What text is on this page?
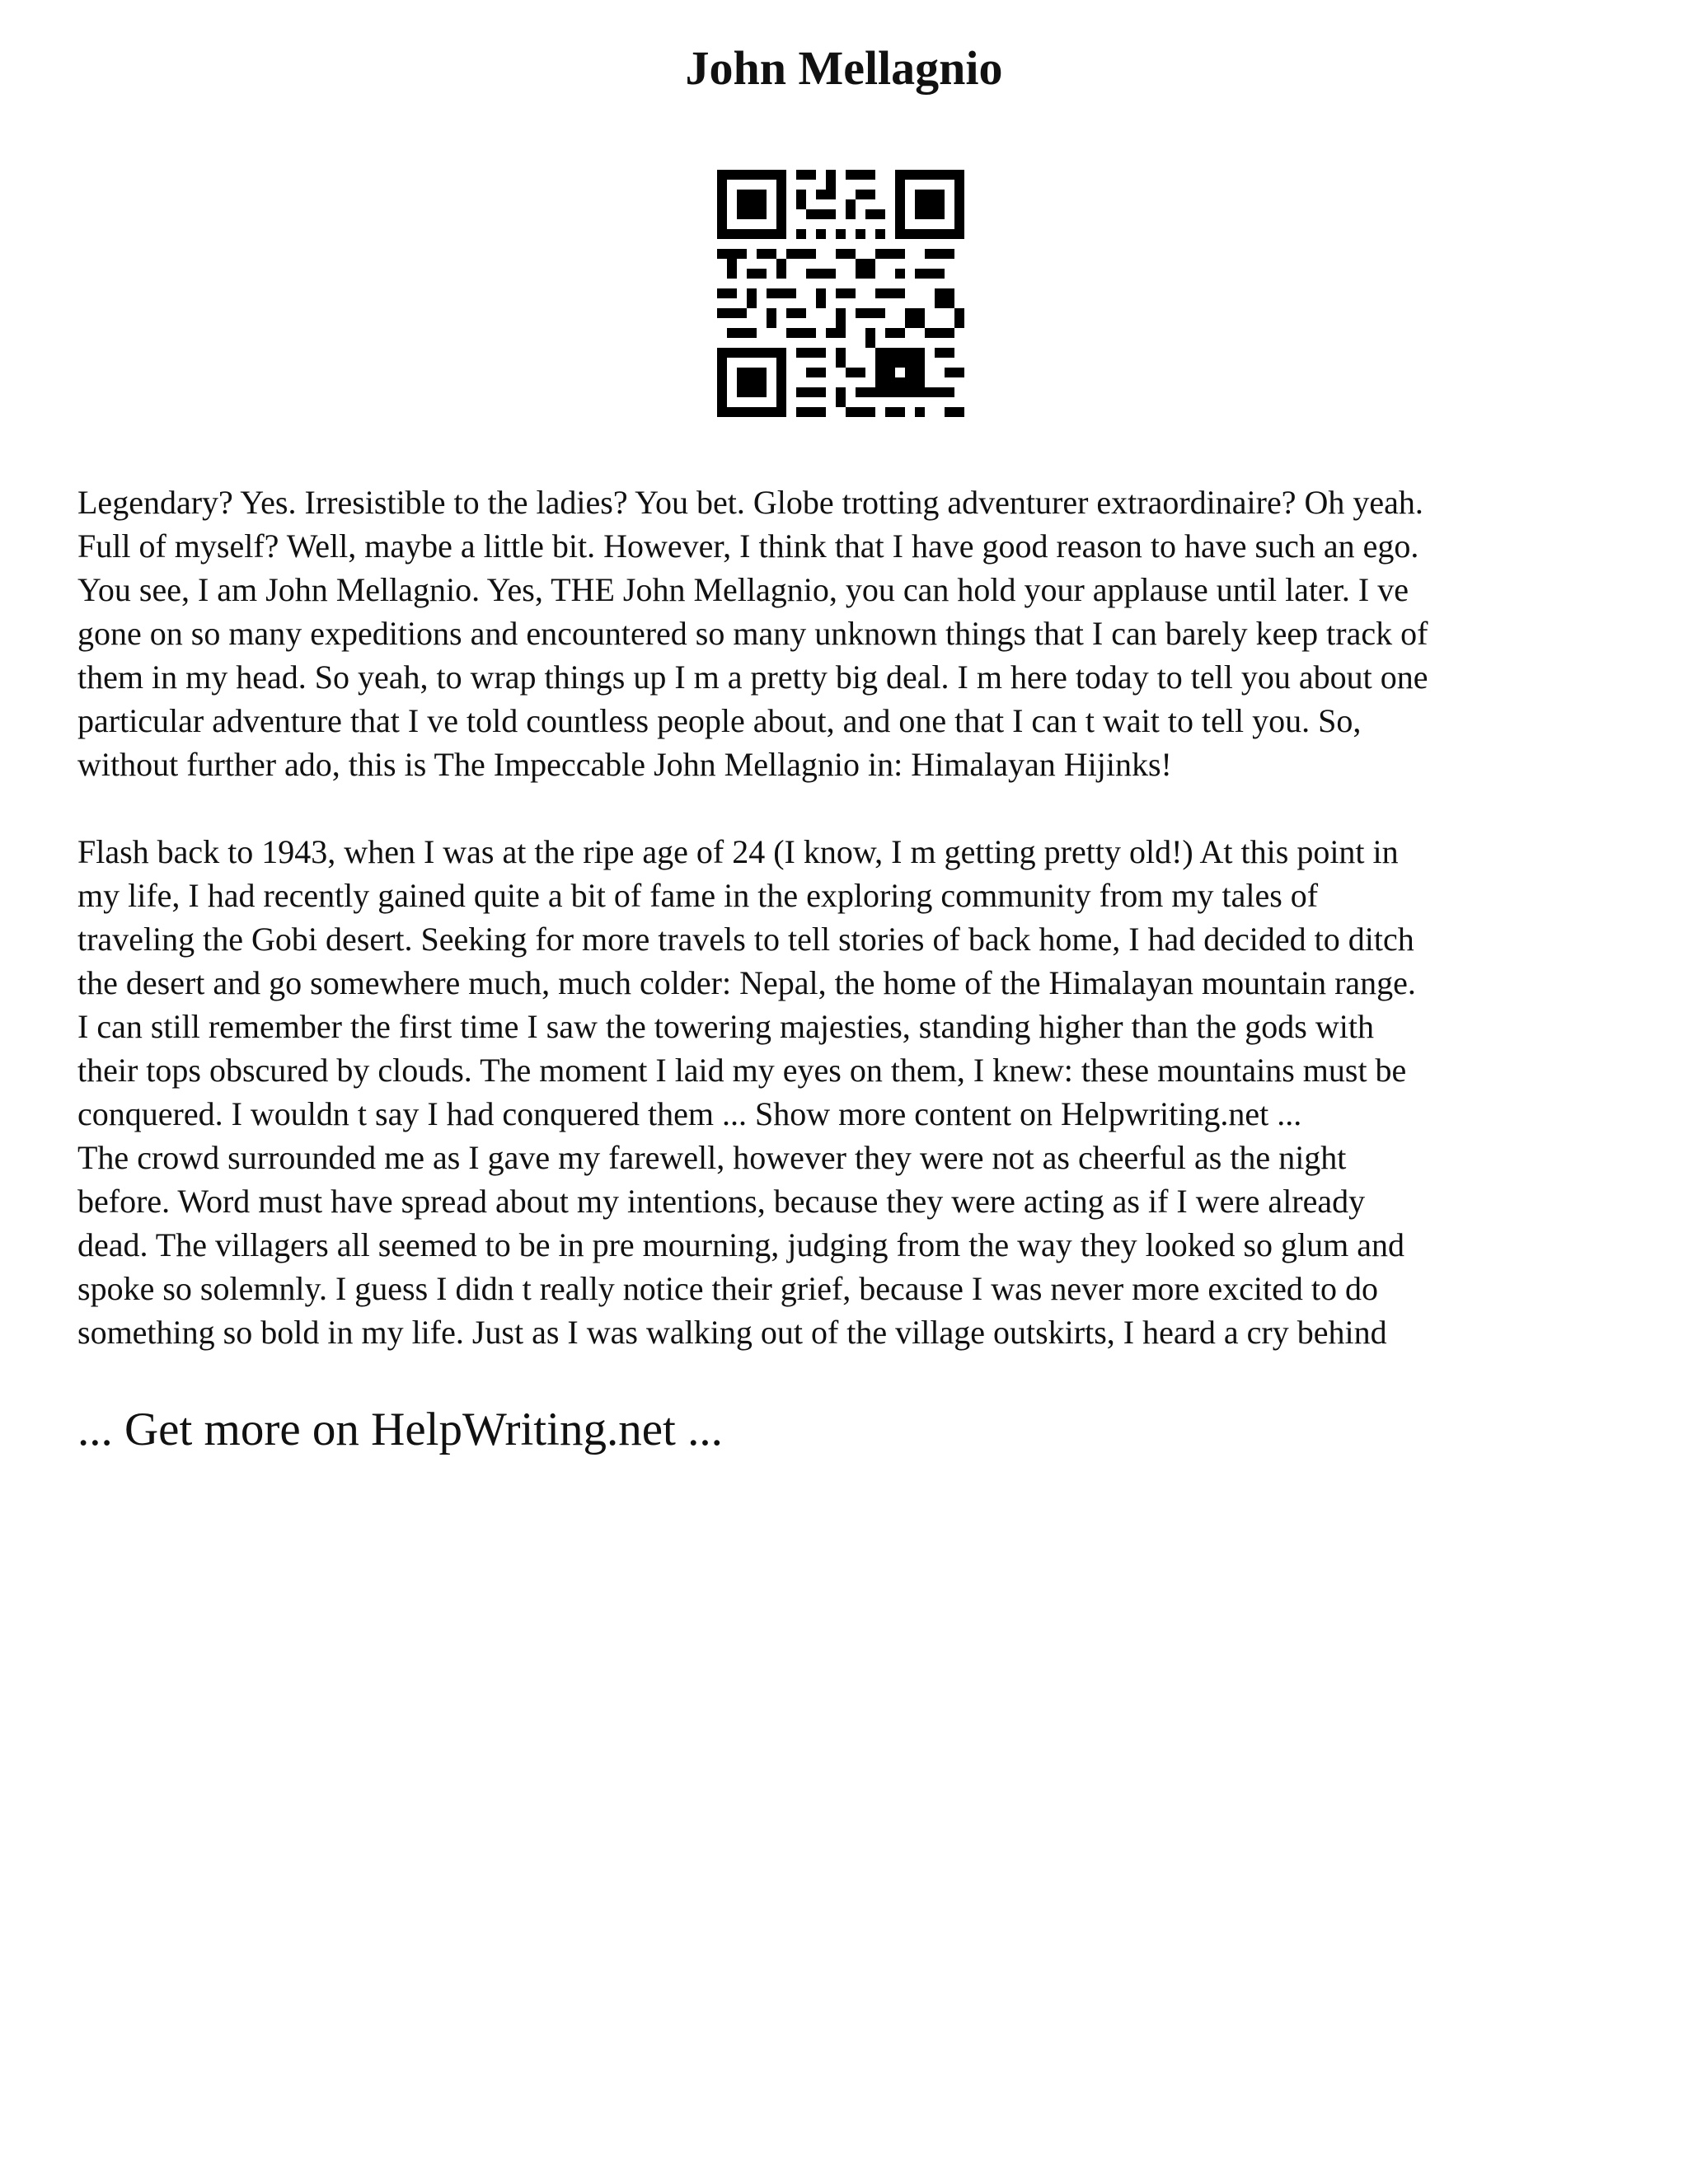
John Mellagnio

Legendary? Yes. Irresistible to the ladies? You bet. Globe trotting adventurer extraordinaire? Oh yeah.

Full of myself? Well, maybe a little bit. However, I think that I have good reason to have such an ego.

You see, I am John Mellagnio. Yes, THE John Mellagnio, you can hold your applause until later. I ve

gone on so many expeditions and encountered so many unknown things that I can barely keep track of

them in my head. So yeah, to wrap things up I m a pretty big deal. I m here today to tell you about one

particular adventure that I ve told countless people about, and one that I can t wait to tell you. So,

without further ado, this is The Impeccable John Mellagnio in: Himalayan Hijinks!

Flash back to 1943, when I was at the ripe age of 24 (I know, I m getting pretty old!) At this point in

my life, I had recently gained quite a bit of fame in the exploring community from my tales of

traveling the Gobi desert. Seeking for more travels to tell stories of back home, I had decided to ditch

the desert and go somewhere much, much colder: Nepal, the home of the Himalayan mountain range.

I can still remember the first time I saw the towering majesties, standing higher than the gods with

their tops obscured by clouds. The moment I laid my eyes on them, I knew: these mountains must be

conquered. I wouldn t say I had conquered them ... Show more content on Helpwriting.net ...

The crowd surrounded me as I gave my farewell, however they were not as cheerful as the night

before. Word must have spread about my intentions, because they were acting as if I were already

dead. The villagers all seemed to be in pre mourning, judging from the way they looked so glum and

spoke so solemnly. I guess I didn t really notice their grief, because I was never more excited to do

something so bold in my life. Just as I was walking out of the village outskirts, I heard a cry behind

... Get more on HelpWriting.net ...
